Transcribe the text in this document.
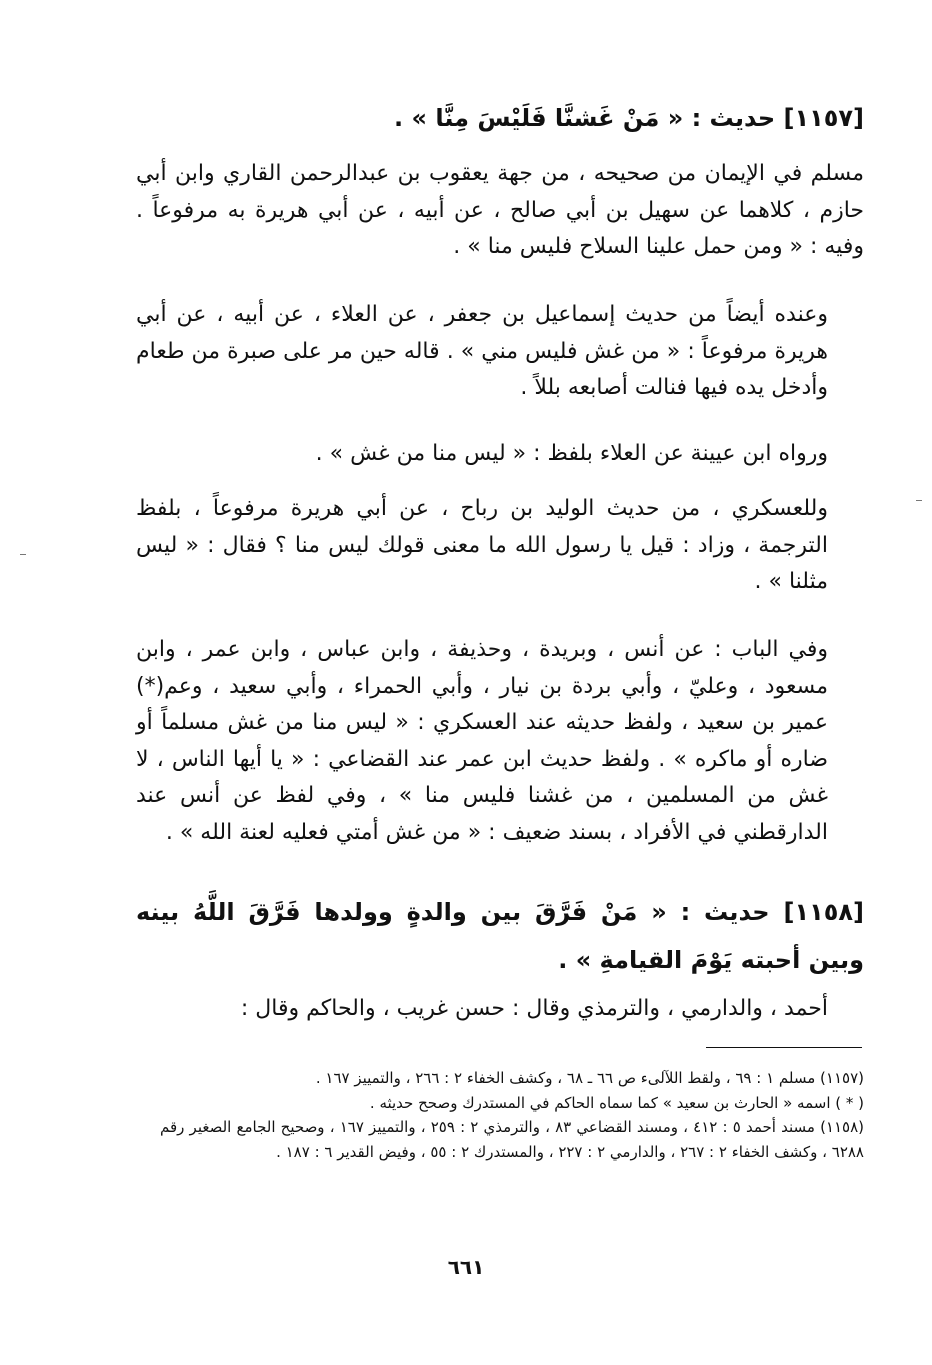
[١١٥٧] حديث : « مَنْ غَشنَّا فَلَيْسَ مِنَّا » .
مسلم في الإيمان من صحيحه ، من جهة يعقوب بن عبدالرحمن القاري وابن أبي حازم ، كلاهما عن سهيل بن أبي صالح ، عن أبيه ، عن أبي هريرة به مرفوعاً . وفيه : « ومن حمل علينا السلاح فليس منا » .
وعنده أيضاً من حديث إسماعيل بن جعفر ، عن العلاء ، عن أبيه ، عن أبي هريرة مرفوعاً : « من غش فليس مني » . قاله حين مر على صبرة من طعام وأدخل يده فيها فنالت أصابعه بللاً .
ورواه ابن عيينة عن العلاء بلفظ : « ليس منا من غش » .
وللعسكري ، من حديث الوليد بن رباح ، عن أبي هريرة مرفوعاً ، بلفظ الترجمة ، وزاد : قيل يا رسول الله ما معنى قولك ليس منا ؟ فقال : « ليس مثلنا » .
وفي الباب : عن أنس ، وبريدة ، وحذيفة ، وابن عباس ، وابن عمر ، وابن مسعود ، وعليّ ، وأبي بردة بن نيار ، وأبي الحمراء ، وأبي سعيد ، وعم(*) عمير بن سعيد ، ولفظ حديثه عند العسكري : « ليس منا من غش مسلماً أو ضاره أو ماكره » . ولفظ حديث ابن عمر عند القضاعي : « يا أيها الناس ، لا غش من المسلمين ، من غشنا فليس منا » ، وفي لفظ عن أنس عند الدارقطني في الأفراد ، بسند ضعيف : « من غش أمتي فعليه لعنة الله » .
[١١٥٨] حديث : « مَنْ فَرَّقَ بين والدةٍ وولدها فَرَّقَ اللَّهُ بينه وبين أحبته يَوْمَ القيامةِ » .
أحمد ، والدارمي ، والترمذي وقال : حسن غريب ، والحاكم وقال :
(١١٥٧) مسلم ١ : ٦٩ ، ولقط اللآلىء ص ٦٦ ـ ٦٨ ، وكشف الخفاء ٢ : ٢٦٦ ، والتمييز ١٦٧ .
( * ) اسمه « الحارث بن سعيد » كما سماه الحاكم في المستدرك وصحح حديثه .
(١١٥٨) مسند أحمد ٥ : ٤١٢ ، ومسند القضاعي ٨٣ ، والترمذي ٢ : ٢٥٩ ، والتمييز ١٦٧ ، وصحيح الجامع الصغير رقم ٦٢٨٨ ، وكشف الخفاء ٢ : ٢٦٧ ، والدارمي ٢ : ٢٢٧ ، والمستدرك ٢ : ٥٥ ، وفيض القدير ٦ : ١٨٧ .
٦٦١
